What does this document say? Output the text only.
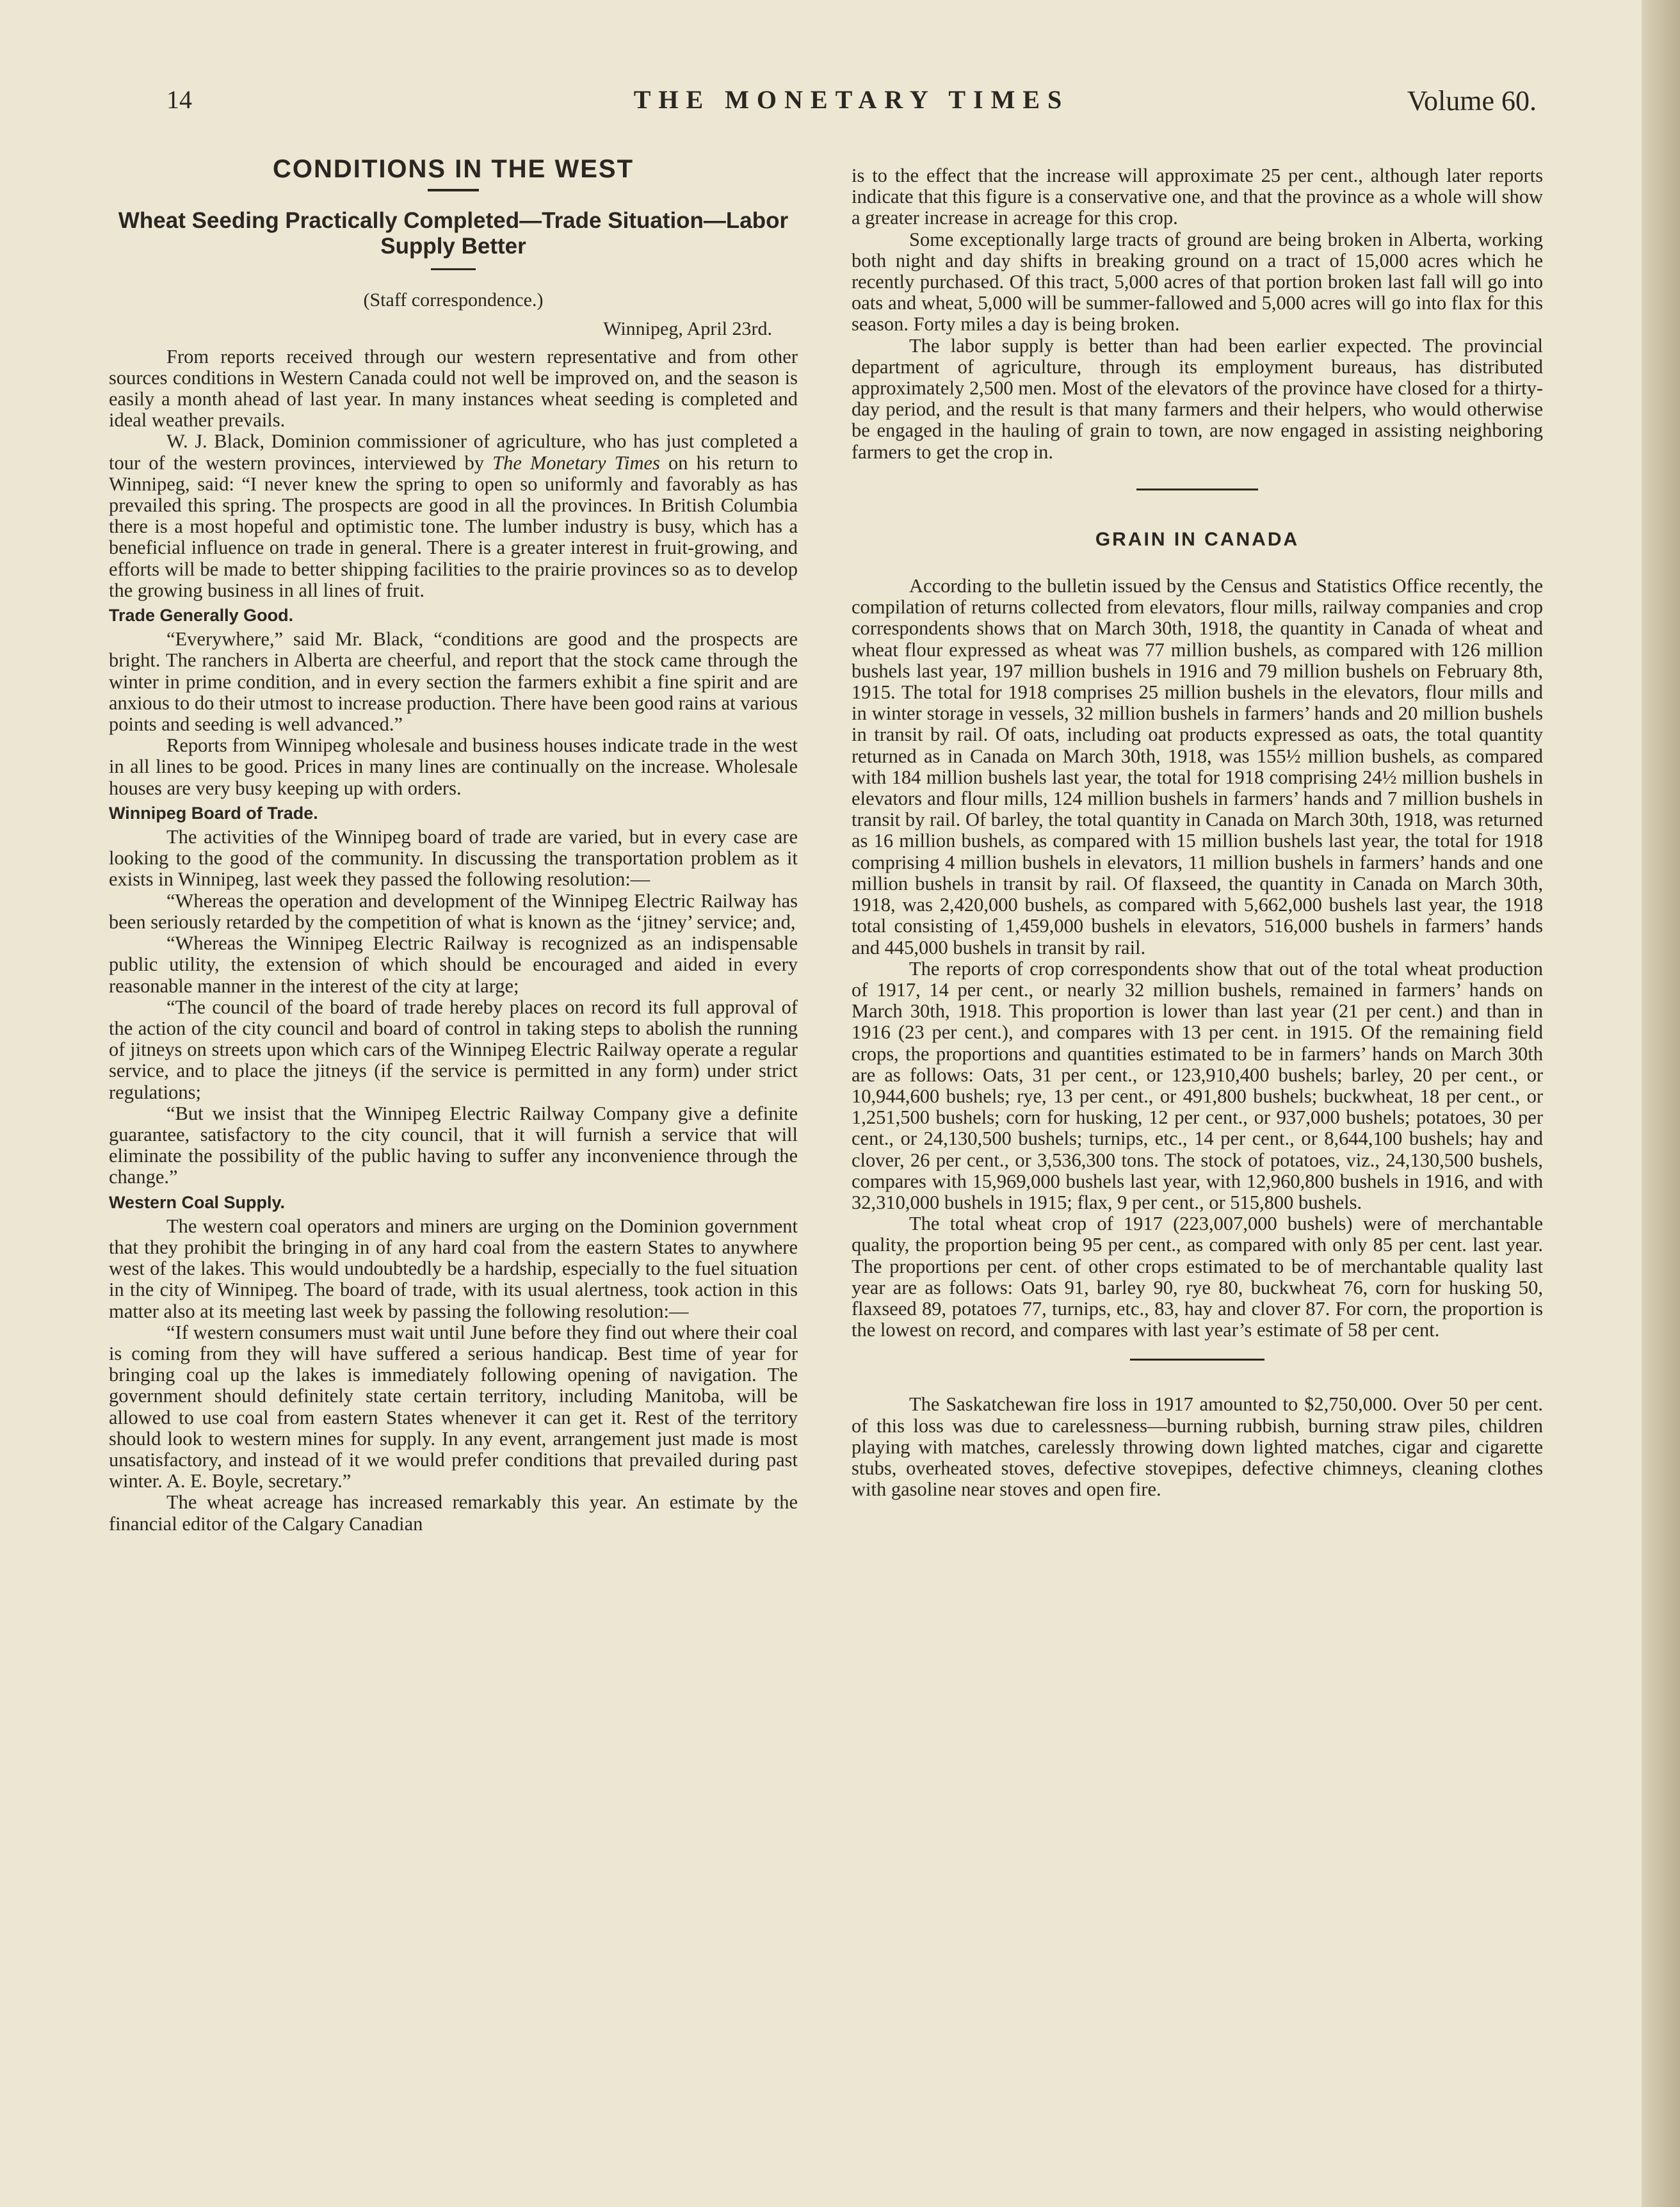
14	THE MONETARY TIMES	Volume 60.
CONDITIONS IN THE WEST
Wheat Seeding Practically Completed—Trade Situation—Labor Supply Better
(Staff correspondence.)
Winnipeg, April 23rd.

From reports received through our western representative and from other sources conditions in Western Canada could not well be improved on, and the season is easily a month ahead of last year. In many instances wheat seeding is completed and ideal weather prevails.

W. J. Black, Dominion commissioner of agriculture, who has just completed a tour of the western provinces, interviewed by The Monetary Times on his return to Winnipeg, said: “I never knew the spring to open so uniformly and favorably as has prevailed this spring. The prospects are good in all the provinces. In British Columbia there is a most hopeful and optimistic tone. The lumber industry is busy, which has a beneficial influence on trade in general. There is a greater interest in fruit-growing, and efforts will be made to better shipping facilities to the prairie provinces so as to develop the growing business in all lines of fruit.

Trade Generally Good.

“Everywhere,” said Mr. Black, “conditions are good and the prospects are bright. The ranchers in Alberta are cheerful, and report that the stock came through the winter in prime condition, and in every section the farmers exhibit a fine spirit and are anxious to do their utmost to increase production. There have been good rains at various points and seeding is well advanced.”

Reports from Winnipeg wholesale and business houses indicate trade in the west in all lines to be good. Prices in many lines are continually on the increase. Wholesale houses are very busy keeping up with orders.

Winnipeg Board of Trade.

The activities of the Winnipeg board of trade are varied, but in every case are looking to the good of the community. In discussing the transportation problem as it exists in Winnipeg, last week they passed the following resolution:—

“Whereas the operation and development of the Winnipeg Electric Railway has been seriously retarded by the competition of what is known as the ‘jitney’ service; and,

“Whereas the Winnipeg Electric Railway is recognized as an indispensable public utility, the extension of which should be encouraged and aided in every reasonable manner in the interest of the city at large;

“The council of the board of trade hereby places on record its full approval of the action of the city council and board of control in taking steps to abolish the running of jitneys on streets upon which cars of the Winnipeg Electric Railway operate a regular service, and to place the jitneys (if the service is permitted in any form) under strict regulations;

“But we insist that the Winnipeg Electric Railway Company give a definite guarantee, satisfactory to the city council, that it will furnish a service that will eliminate the possibility of the public having to suffer any inconvenience through the change.”

Western Coal Supply.

The western coal operators and miners are urging on the Dominion government that they prohibit the bringing in of any hard coal from the eastern States to anywhere west of the lakes. This would undoubtedly be a hardship, especially to the fuel situation in the city of Winnipeg. The board of trade, with its usual alertness, took action in this matter also at its meeting last week by passing the following resolution:—

“If western consumers must wait until June before they find out where their coal is coming from they will have suffered a serious handicap. Best time of year for bringing coal up the lakes is immediately following opening of navigation. The government should definitely state certain territory, including Manitoba, will be allowed to use coal from eastern States whenever it can get it. Rest of the territory should look to western mines for supply. In any event, arrangement just made is most unsatisfactory, and instead of it we would prefer conditions that prevailed during past winter. A. E. Boyle, secretary.”

The wheat acreage has increased remarkably this year. An estimate by the financial editor of the Calgary Canadian

is to the effect that the increase will approximate 25 per cent., although later reports indicate that this figure is a conservative one, and that the province as a whole will show a greater increase in acreage for this crop.

Some exceptionally large tracts of ground are being broken in Alberta, working both night and day shifts in breaking ground on a tract of 15,000 acres which he recently purchased. Of this tract, 5,000 acres of that portion broken last fall will go into oats and wheat, 5,000 will be summer-fallowed and 5,000 acres will go into flax for this season. Forty miles a day is being broken.

The labor supply is better than had been earlier expected. The provincial department of agriculture, through its employment bureaus, has distributed approximately 2,500 men. Most of the elevators of the province have closed for a thirty-day period, and the result is that many farmers and their helpers, who would otherwise be engaged in the hauling of grain to town, are now engaged in assisting neighboring farmers to get the crop in.

GRAIN IN CANADA

According to the bulletin issued by the Census and Statistics Office recently, the compilation of returns collected from elevators, flour mills, railway companies and crop correspondents shows that on March 30th, 1918, the quantity in Canada of wheat and wheat flour expressed as wheat was 77 million bushels, as compared with 126 million bushels last year, 197 million bushels in 1916 and 79 million bushels on February 8th, 1915. The total for 1918 comprises 25 million bushels in the elevators, flour mills and in winter storage in vessels, 32 million bushels in farmers’ hands and 20 million bushels in transit by rail. Of oats, including oat products expressed as oats, the total quantity returned as in Canada on March 30th, 1918, was 155½ million bushels, as compared with 184 million bushels last year, the total for 1918 comprising 24½ million bushels in elevators and flour mills, 124 million bushels in farmers’ hands and 7 million bushels in transit by rail. Of barley, the total quantity in Canada on March 30th, 1918, was returned as 16 million bushels, as compared with 15 million bushels last year, the total for 1918 comprising 4 million bushels in elevators, 11 million bushels in farmers’ hands and one million bushels in transit by rail. Of flaxseed, the quantity in Canada on March 30th, 1918, was 2,420,000 bushels, as compared with 5,662,000 bushels last year, the 1918 total consisting of 1,459,000 bushels in elevators, 516,000 bushels in farmers’ hands and 445,000 bushels in transit by rail.

The reports of crop correspondents show that out of the total wheat production of 1917, 14 per cent., or nearly 32 million bushels, remained in farmers’ hands on March 30th, 1918. This proportion is lower than last year (21 per cent.) and than in 1916 (23 per cent.), and compares with 13 per cent. in 1915. Of the remaining field crops, the proportions and quantities estimated to be in farmers’ hands on March 30th are as follows: Oats, 31 per cent., or 123,910,400 bushels; barley, 20 per cent., or 10,944,600 bushels; rye, 13 per cent., or 491,800 bushels; buckwheat, 18 per cent., or 1,251,500 bushels; corn for husking, 12 per cent., or 937,000 bushels; potatoes, 30 per cent., or 24,130,500 bushels; turnips, etc., 14 per cent., or 8,644,100 bushels; hay and clover, 26 per cent., or 3,536,300 tons. The stock of potatoes, viz., 24,130,500 bushels, compares with 15,969,000 bushels last year, with 12,960,800 bushels in 1916, and with 32,310,000 bushels in 1915; flax, 9 per cent., or 515,800 bushels.

The total wheat crop of 1917 (223,007,000 bushels) were of merchantable quality, the proportion being 95 per cent., as compared with only 85 per cent. last year. The proportions per cent. of other crops estimated to be of merchantable quality last year are as follows: Oats 91, barley 90, rye 80, buckwheat 76, corn for husking 50, flaxseed 89, potatoes 77, turnips, etc., 83, hay and clover 87. For corn, the proportion is the lowest on record, and compares with last year’s estimate of 58 per cent.

The Saskatchewan fire loss in 1917 amounted to $2,750,000. Over 50 per cent. of this loss was due to carelessness—burning rubbish, burning straw piles, children playing with matches, carelessly throwing down lighted matches, cigar and cigarette stubs, overheated stoves, defective stovepipes, defective chimneys, cleaning clothes with gasoline near stoves and open fire.
